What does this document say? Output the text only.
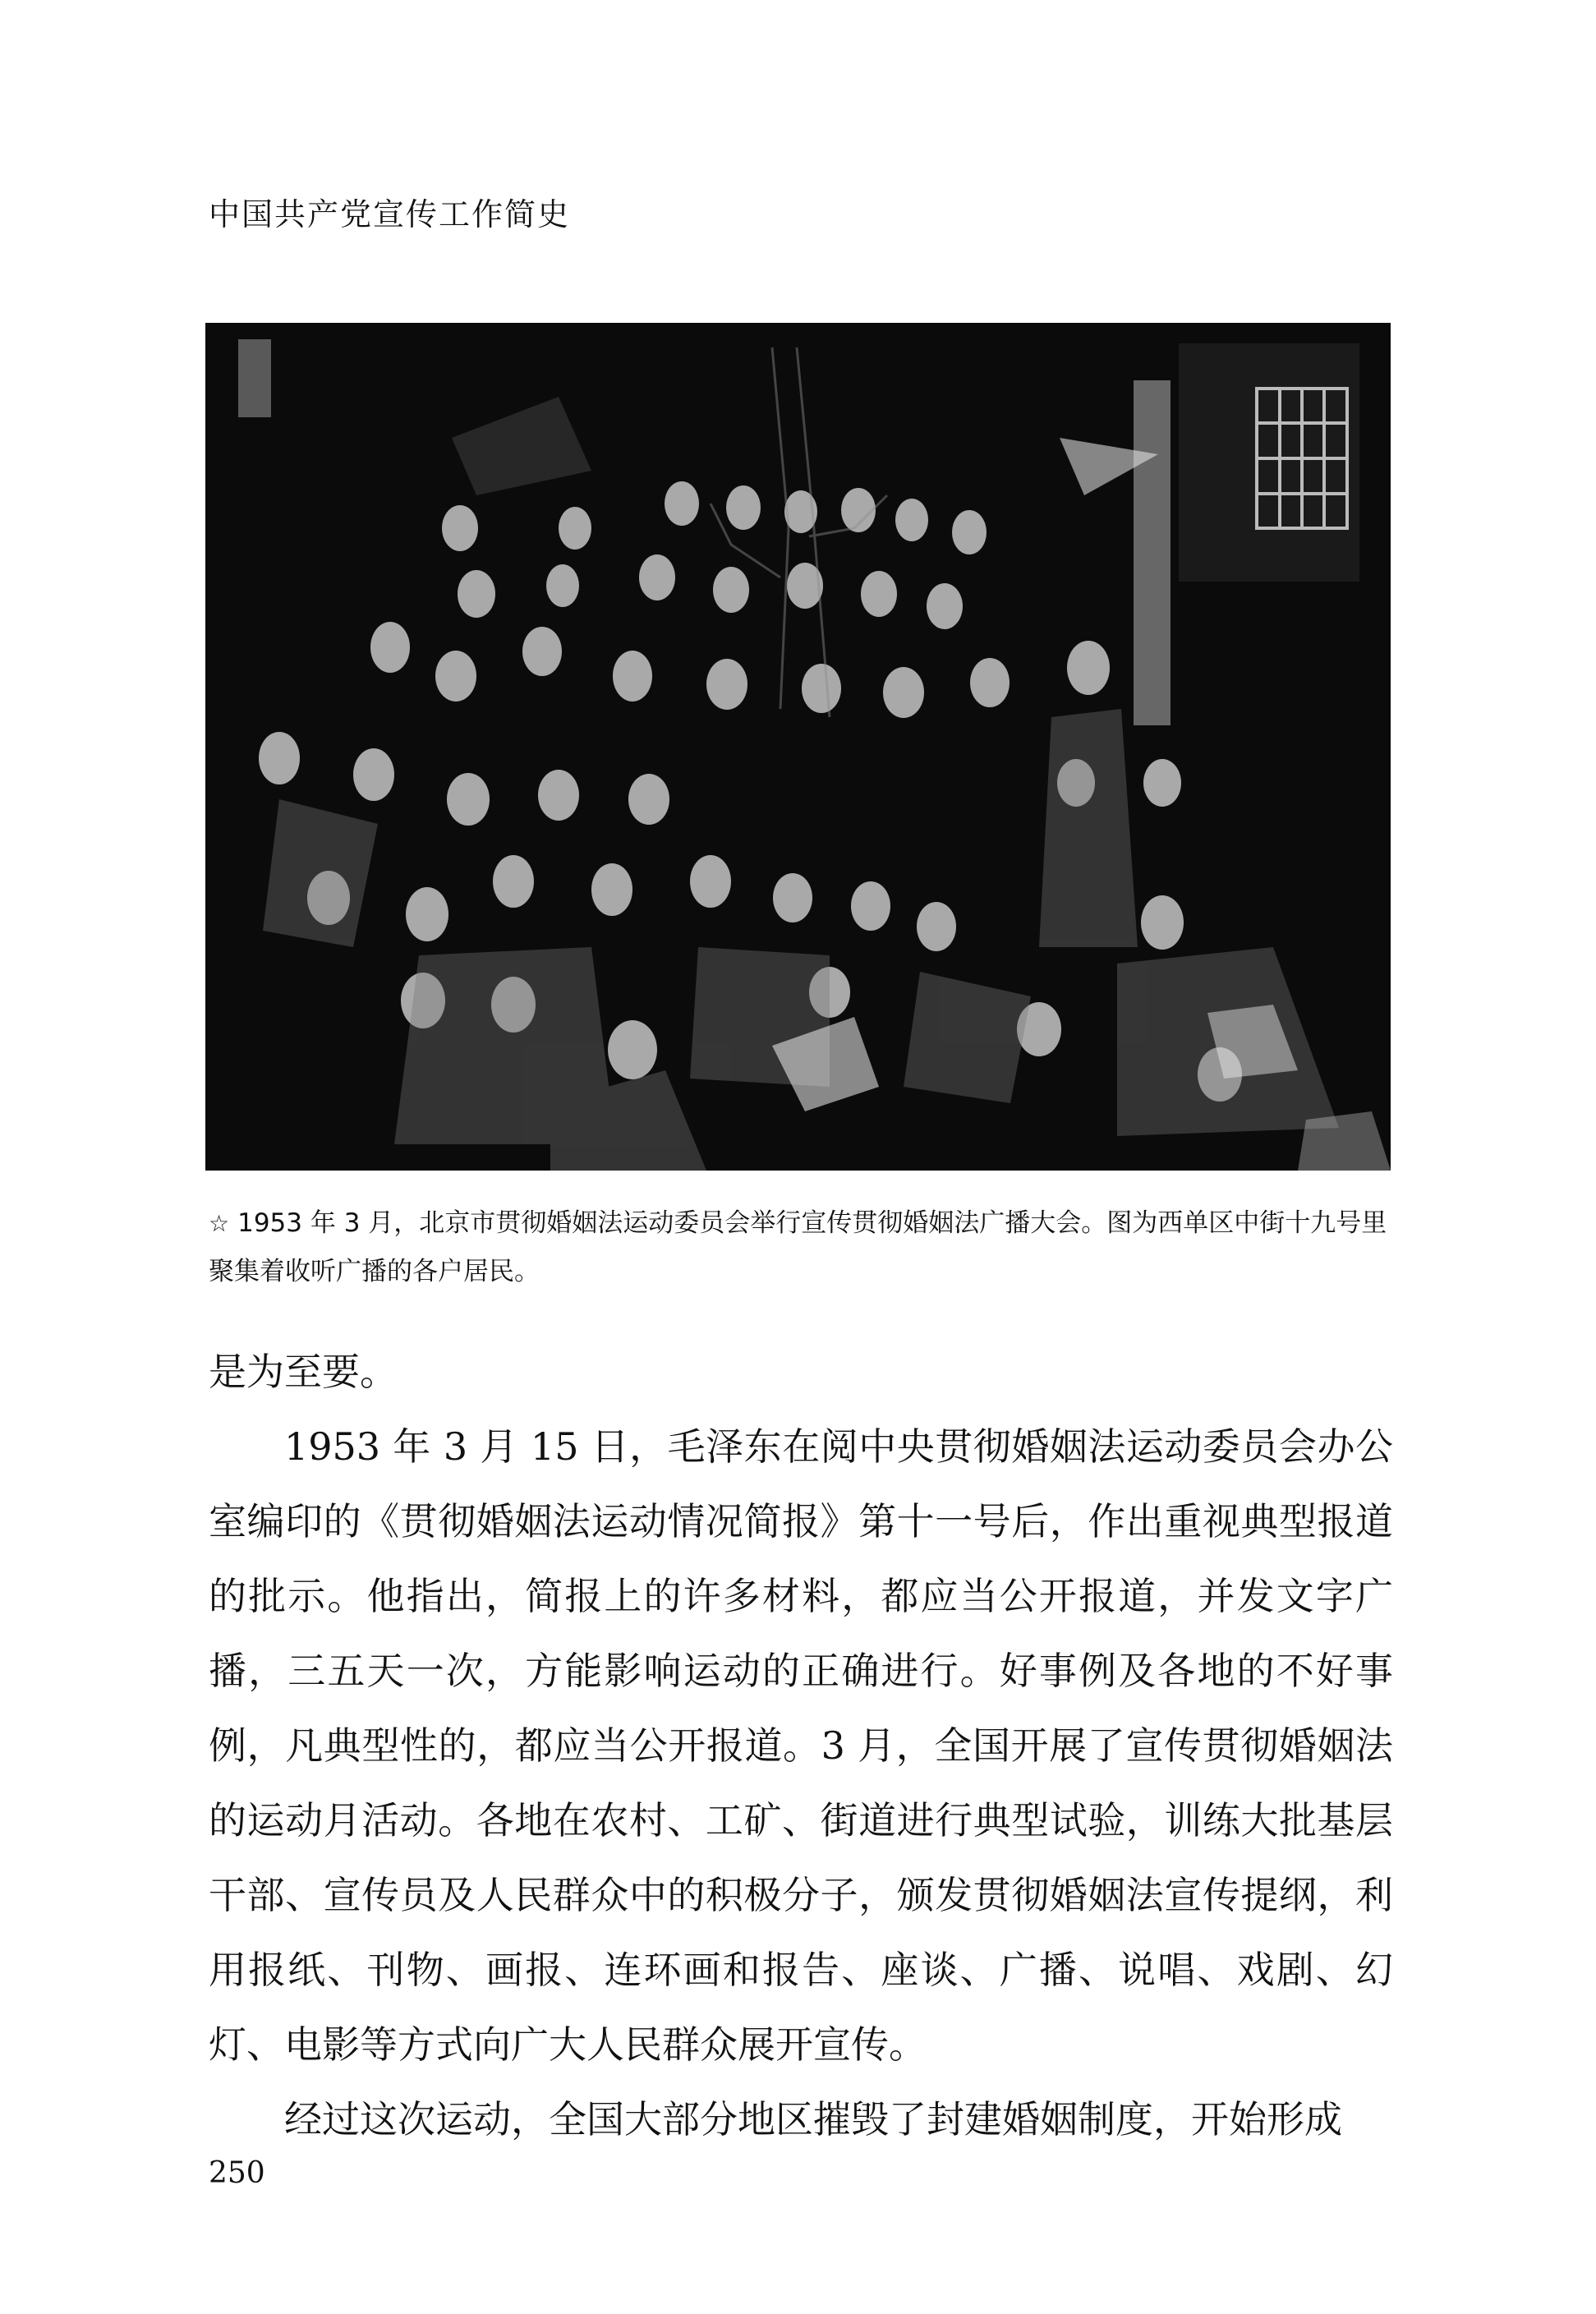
中国共产党宣传工作简史
☆ 1953 年 3 月，北京市贯彻婚姻法运动委员会举行宣传贯彻婚姻法广播大会。图为西单区中街十九号里聚集着收听广播的各户居民。

是为至要。

1953 年 3 月 15 日，毛泽东在阅中央贯彻婚姻法运动委员会办公室编印的《贯彻婚姻法运动情况简报》第十一号后，作出重视典型报道的批示。他指出，简报上的许多材料，都应当公开报道，并发文字广播，三五天一次，方能影响运动的正确进行。好事例及各地的不好事例，凡典型性的，都应当公开报道。3 月，全国开展了宣传贯彻婚姻法的运动月活动。各地在农村、工矿、街道进行典型试验，训练大批基层干部、宣传员及人民群众中的积极分子，颁发贯彻婚姻法宣传提纲，利用报纸、刊物、画报、连环画和报告、座谈、广播、说唱、戏剧、幻灯、电影等方式向广大人民群众展开宣传。

经过这次运动，全国大部分地区摧毁了封建婚姻制度，开始形成

250
